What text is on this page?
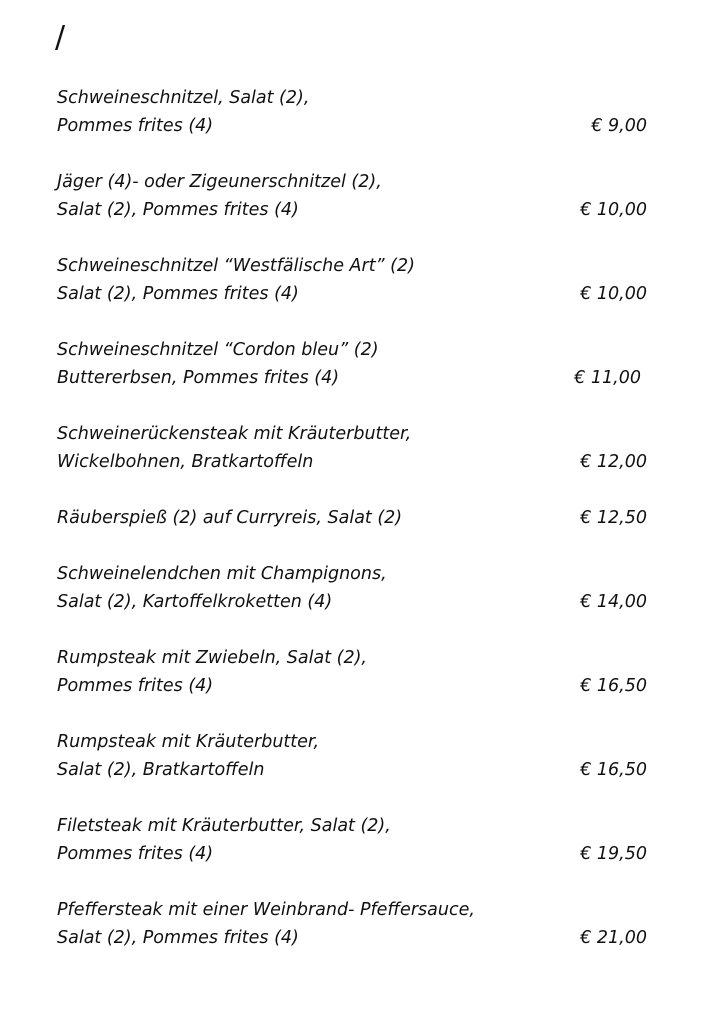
/
Schweineschnitzel, Salat (2),
Pommes frites (4)	€ 9,00
Jäger (4)- oder Zigeunerschnitzel (2),
Salat (2), Pommes frites (4)	€ 10,00
Schweineschnitzel “Westfälische Art” (2)
Salat (2), Pommes frites (4)	€ 10,00
Schweineschnitzel “Cordon bleu” (2)
Buttererbsen, Pommes frites (4)	€ 11,00
Schweinerückensteak mit Kräuterbutter,
Wickelbohnen, Bratkartoffeln	€ 12,00
Räuberspieß (2) auf Curryreis, Salat (2)	€ 12,50
Schweinelendchen mit Champignons,
Salat (2), Kartoffelkroketten (4)	€ 14,00
Rumpsteak mit Zwiebeln, Salat (2),
Pommes frites (4)	€ 16,50
Rumpsteak mit Kräuterbutter,
Salat (2), Bratkartoffeln	€ 16,50
Filetsteak mit Kräuterbutter, Salat (2),
Pommes frites (4)	€ 19,50
Pfeffersteak mit einer Weinbrand- Pfeffersauce,
Salat (2), Pommes frites (4)	€ 21,00
